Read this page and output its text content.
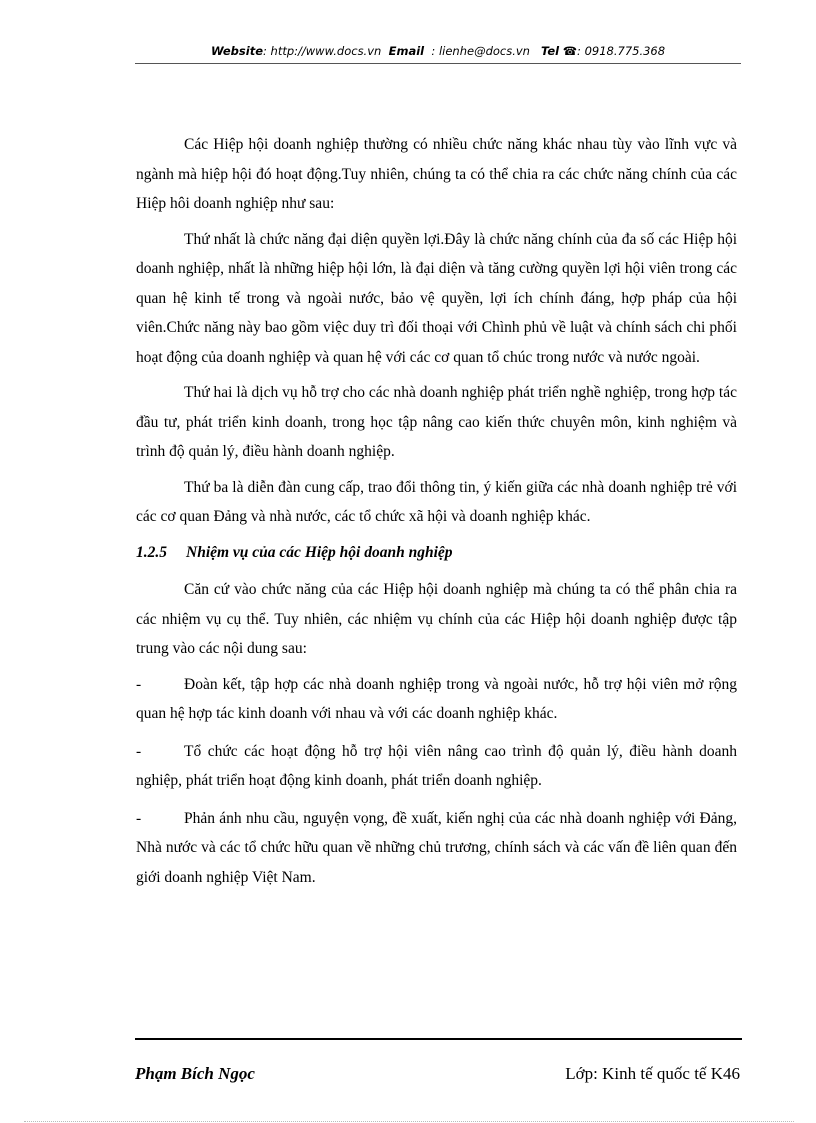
Website: http://www.docs.vn Email : lienhe@docs.vn Tel ☎: 0918.775.368

Các Hiệp hội doanh nghiệp thường có nhiều chức năng khác nhau tùy vào lĩnh vực và ngành mà hiệp hội đó hoạt động.Tuy nhiên, chúng ta có thể chia ra các chức năng chính của các Hiệp hôi doanh nghiệp như sau:

Thứ nhất là chức năng đại diện quyền lợi.Đây là chức năng chính của đa số các Hiệp hội doanh nghiệp, nhất là những hiệp hội lớn, là đại diện và tăng cường quyền lợi hội viên trong các quan hệ kinh tế trong và ngoài nước, bảo vệ quyền, lợi ích chính đáng, hợp pháp của hội viên.Chức năng này bao gồm việc duy trì đối thoại với Chình phủ về luật và chính sách chi phối hoạt động của doanh nghiệp và quan hệ với các cơ quan tổ chúc trong nước và nước ngoài.

Thứ hai là dịch vụ hỗ trợ cho các nhà doanh nghiệp phát triển nghề nghiệp, trong hợp tác đầu tư, phát triển kinh doanh, trong học tập nâng cao kiến thức chuyên môn, kinh nghiệm và trình độ quản lý, điều hành doanh nghiệp.

Thứ ba là diễn đàn cung cấp, trao đổi thông tin, ý kiến giữa các nhà doanh nghiệp trẻ với các cơ quan Đảng và nhà nước, các tổ chức xã hội và doanh nghiệp khác.

1.2.5 Nhiệm vụ của các Hiệp hội doanh nghiệp

Căn cứ vào chức năng của các Hiệp hội doanh nghiệp mà chúng ta có thể phân chia ra các nhiệm vụ cụ thể. Tuy nhiên, các nhiệm vụ chính của các Hiệp hội doanh nghiệp được tập trung vào các nội dung sau:

-	Đoàn kết, tập hợp các nhà doanh nghiệp trong và ngoài nước, hỗ trợ hội viên mở rộng quan hệ hợp tác kinh doanh với nhau và với các doanh nghiệp khác.

-	Tổ chức các hoạt động hỗ trợ hội viên nâng cao trình độ quản lý, điều hành doanh nghiệp, phát triển hoạt động kinh doanh, phát triển doanh nghiệp.

-	Phản ánh nhu cầu, nguyện vọng, đề xuất, kiến nghị của các nhà doanh nghiệp với Đảng, Nhà nước và các tổ chức hữu quan về những chủ trương, chính sách và các vấn đề liên quan đến giới doanh nghiệp Việt Nam.

Phạm Bích Ngọc	Lớp: Kinh tế quốc tế K46
